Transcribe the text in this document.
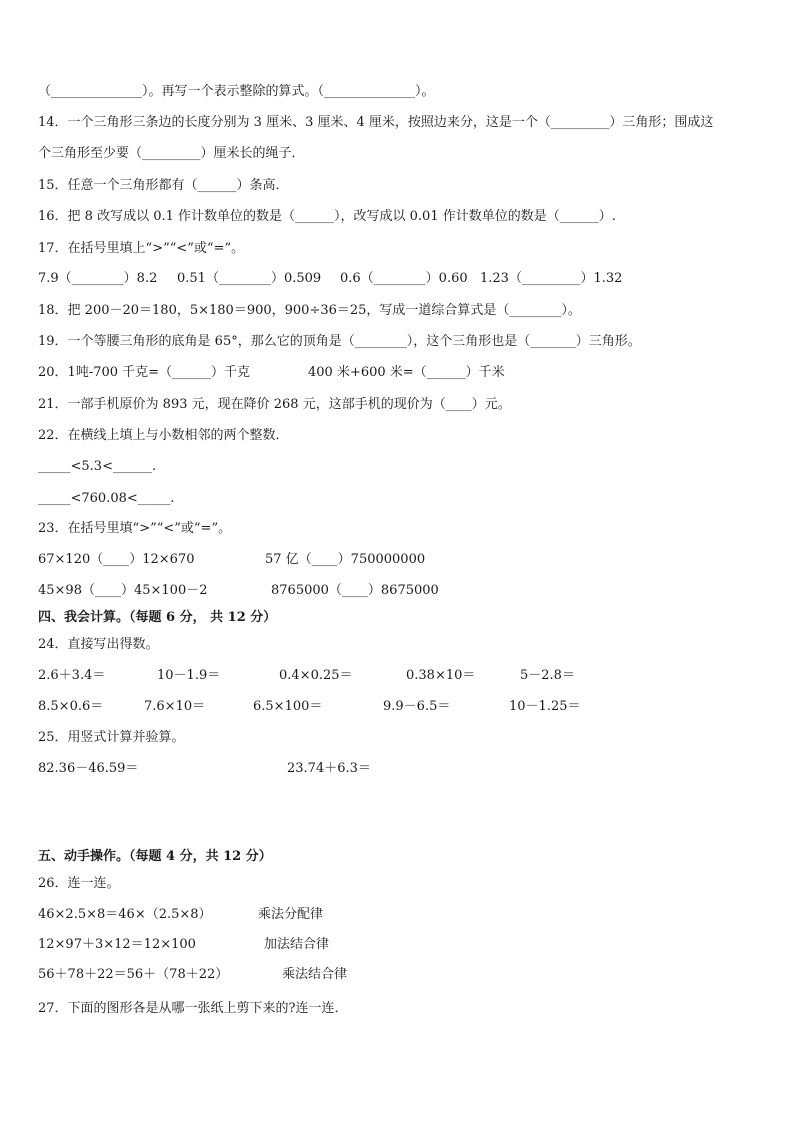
（______________）。再写一个表示整除的算式。（______________）。
14．一个三角形三条边的长度分别为 3 厘米、3 厘米、4 厘米，按照边来分，这是一个（_________）三角形；围成这
个三角形至少要（_________）厘米长的绳子．
15．任意一个三角形都有（______）条高．
16．把 8 改写成以 0.1 作计数单位的数是（______），改写成以 0.01 作计数单位的数是（______）.
17．在括号里填上“>”“<”或“=”。
7.9（________）8.2 0.51（________）0.509 0.6（________）0.60 1.23（_________）1.32
18．把 200－20＝180，5×180＝900，900÷36＝25，写成一道综合算式是（________）。
19．一个等腰三角形的底角是 65°，那么它的顶角是（________），这个三角形也是（_______）三角形。
20．1吨-700 千克=（______）千克	400 米+600 米=（______）千米
21．一部手机原价为 893 元，现在降价 268 元，这部手机的现价为（____）元。
22．在横线上填上与小数相邻的两个整数．
_____<5.3<______.
_____<760.08<_____.
23．在括号里填“>”“<”或“=”。
67×120（____）12×670	57 亿（____）750000000
45×98（____）45×100－2	8765000（____）8675000
四、我会计算。（每题 6 分， 共 12 分）
24．直接写出得数。
2.6＋3.4＝	10－1.9＝	0.4×0.25＝	0.38×10＝	5－2.8＝
8.5×0.6＝	7.6×10＝	6.5×100＝	9.9－6.5＝	10－1.25＝
25．用竖式计算并验算。
82.36－46.59＝	23.74＋6.3＝
五、动手操作。（每题 4 分，共 12 分）
26．连一连。
46×2.5×8＝46×（2.5×8）	乘法分配律
12×97＋3×12＝12×100	加法结合律
56＋78＋22＝56＋（78＋22）	乘法结合律
27．下面的图形各是从哪一张纸上剪下来的?连一连．
